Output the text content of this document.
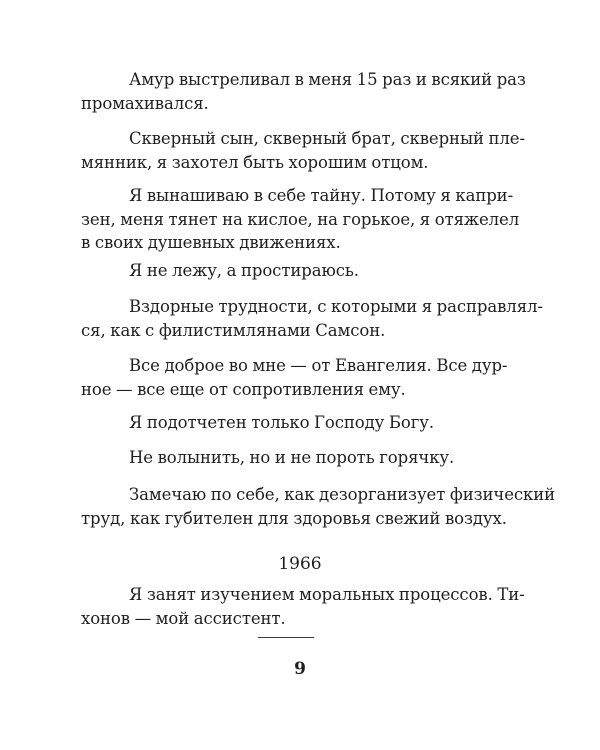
Амур выстреливал в меня 15 раз и всякий раз
промахивался.

Скверный сын, скверный брат, скверный пле-
мянник, я захотел быть хорошим отцом.

Я вынашиваю в себе тайну. Потому я капри-
зен, меня тянет на кислое, на горькое, я отяжелел
в своих душевных движениях.

Я не лежу, а простираюсь.

Вздорные трудности, с которыми я расправлял-
ся, как с филистимлянами Самсон.

Все доброе во мне — от Евангелия. Все дур-
ное — все еще от сопротивления ему.

Я подотчетен только Господу Богу.

Не волынить, но и не пороть горячку.

Замечаю по себе, как дезорганизует физический
труд, как губителен для здоровья свежий воздух.

1966

Я занят изучением моральных процессов. Ти-
хонов — мой ассистент.

9
